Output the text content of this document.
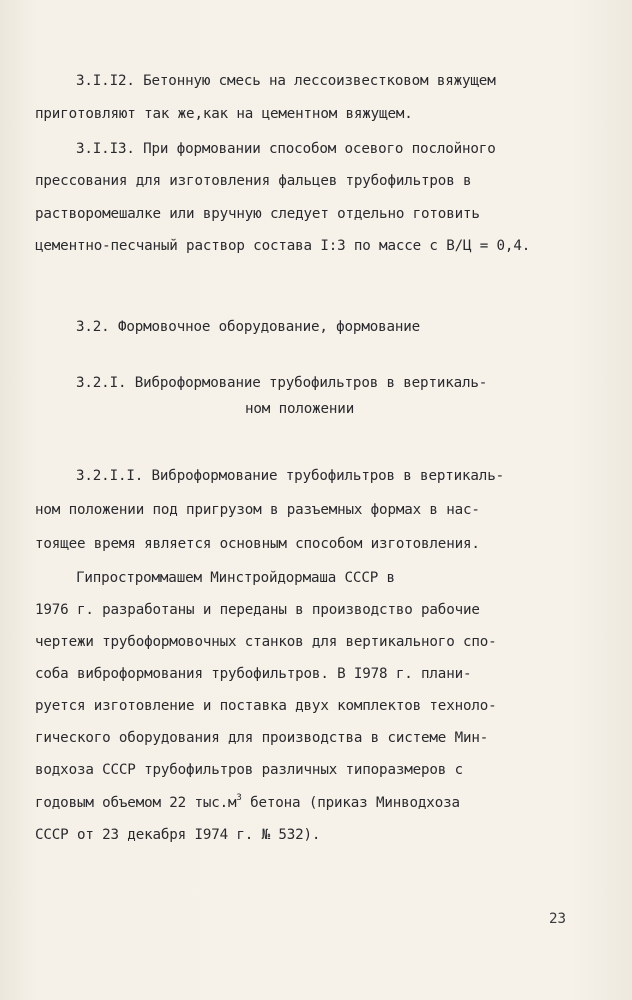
3.I.I2. Бетонную смесь на лессоизвестковом вяжущем
приготовляют так же,как на цементном вяжущем.
3.I.I3. При формовании способом осевого послойного
прессования для изготовления фальцев трубофильтров в
растворомешалке или вручную следует отдельно готовить
цементно-песчаный раствор состава I:3 по массе с В/Ц = 0,4.
3.2. Формовочное оборудование, формование
3.2.I. Виброформование трубофильтров в вертикаль-
ном положении
3.2.I.I. Виброформование трубофильтров в вертикаль-
ном положении под пригрузом в разъемных формах в нас-
тоящее время является основным способом изготовления.
Гипростроммашем Минстройдормаша СССР в
1976 г. разработаны и переданы в производство рабочие
чертежи трубоформовочных станков для вертикального спо-
соба виброформования трубофильтров. В I978 г. плани-
руется изготовление и поставка двух комплектов техноло-
гического оборудования для производства в системе Мин-
водхоза СССР трубофильтров различных типоразмеров с
годовым объемом 22 $тыс.м^3$ бетона (приказ Минводхоза
СССР от 23 декабря I974 г. № 532).
23
